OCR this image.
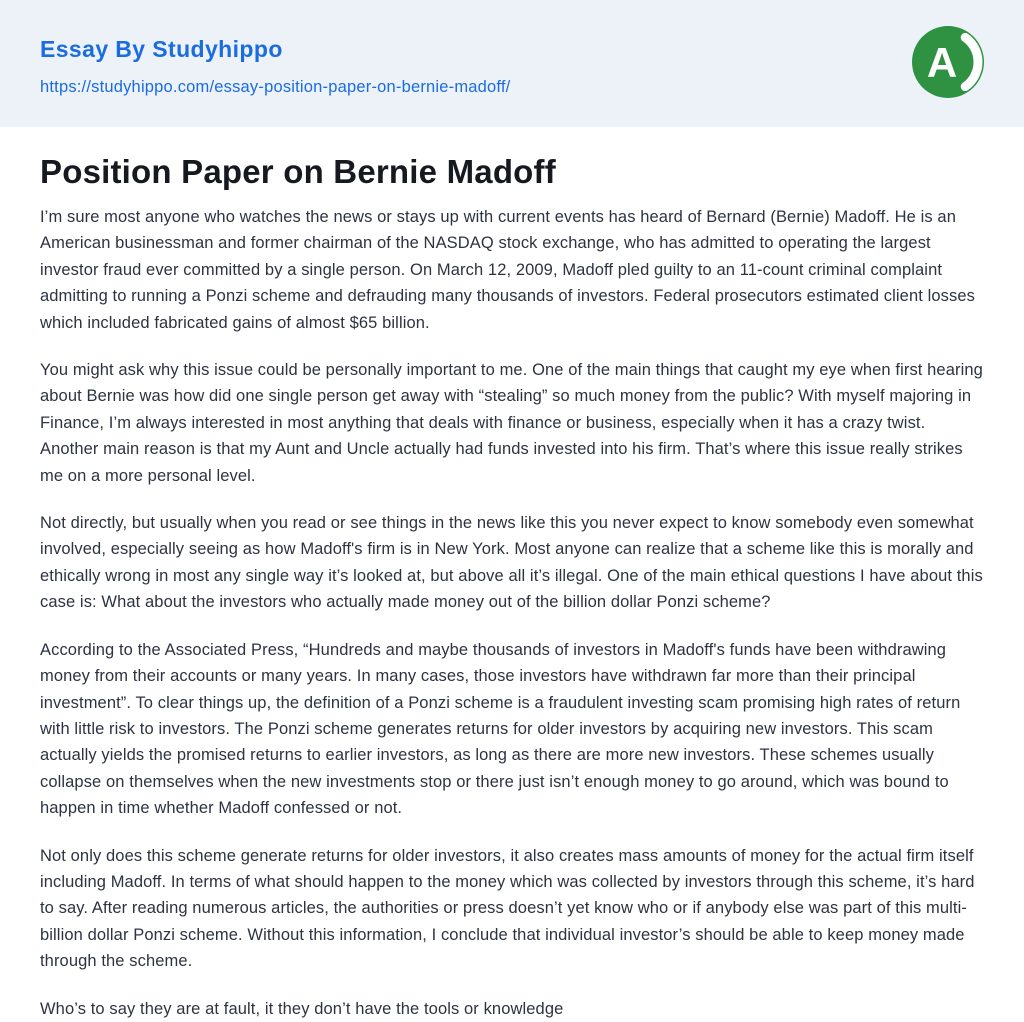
Essay By Studyhippo
https://studyhippo.com/essay-position-paper-on-bernie-madoff/
A
Position Paper on Bernie Madoff

I’m sure most anyone who watches the news or stays up with current events has heard of Bernard (Bernie) Madoff. He is an American businessman and former chairman of the NASDAQ stock exchange, who has admitted to operating the largest investor fraud ever committed by a single person. On March 12, 2009, Madoff pled guilty to an 11-count criminal complaint admitting to running a Ponzi scheme and defrauding many thousands of investors. Federal prosecutors estimated client losses which included fabricated gains of almost $65 billion.

You might ask why this issue could be personally important to me. One of the main things that caught my eye when first hearing about Bernie was how did one single person get away with “stealing” so much money from the public? With myself majoring in Finance, I’m always interested in most anything that deals with finance or business, especially when it has a crazy twist. Another main reason is that my Aunt and Uncle actually had funds invested into his firm. That’s where this issue really strikes me on a more personal level.

Not directly, but usually when you read or see things in the news like this you never expect to know somebody even somewhat involved, especially seeing as how Madoff's firm is in New York. Most anyone can realize that a scheme like this is morally and ethically wrong in most any single way it’s looked at, but above all it’s illegal. One of the main ethical questions I have about this case is: What about the investors who actually made money out of the billion dollar Ponzi scheme?

According to the Associated Press, “Hundreds and maybe thousands of investors in Madoff's funds have been withdrawing money from their accounts or many years. In many cases, those investors have withdrawn far more than their principal investment”. To clear things up, the definition of a Ponzi scheme is a fraudulent investing scam promising high rates of return with little risk to investors. The Ponzi scheme generates returns for older investors by acquiring new investors. This scam actually yields the promised returns to earlier investors, as long as there are more new investors. These schemes usually collapse on themselves when the new investments stop or there just isn’t enough money to go around, which was bound to happen in time whether Madoff confessed or not.

Not only does this scheme generate returns for older investors, it also creates mass amounts of money for the actual firm itself including Madoff. In terms of what should happen to the money which was collected by investors through this scheme, it’s hard to say. After reading numerous articles, the authorities or press doesn’t yet know who or if anybody else was part of this multi-billion dollar Ponzi scheme. Without this information, I conclude that individual investor’s should be able to keep money made through the scheme.

Who’s to say they are at fault, it they don’t have the tools or knowledge
